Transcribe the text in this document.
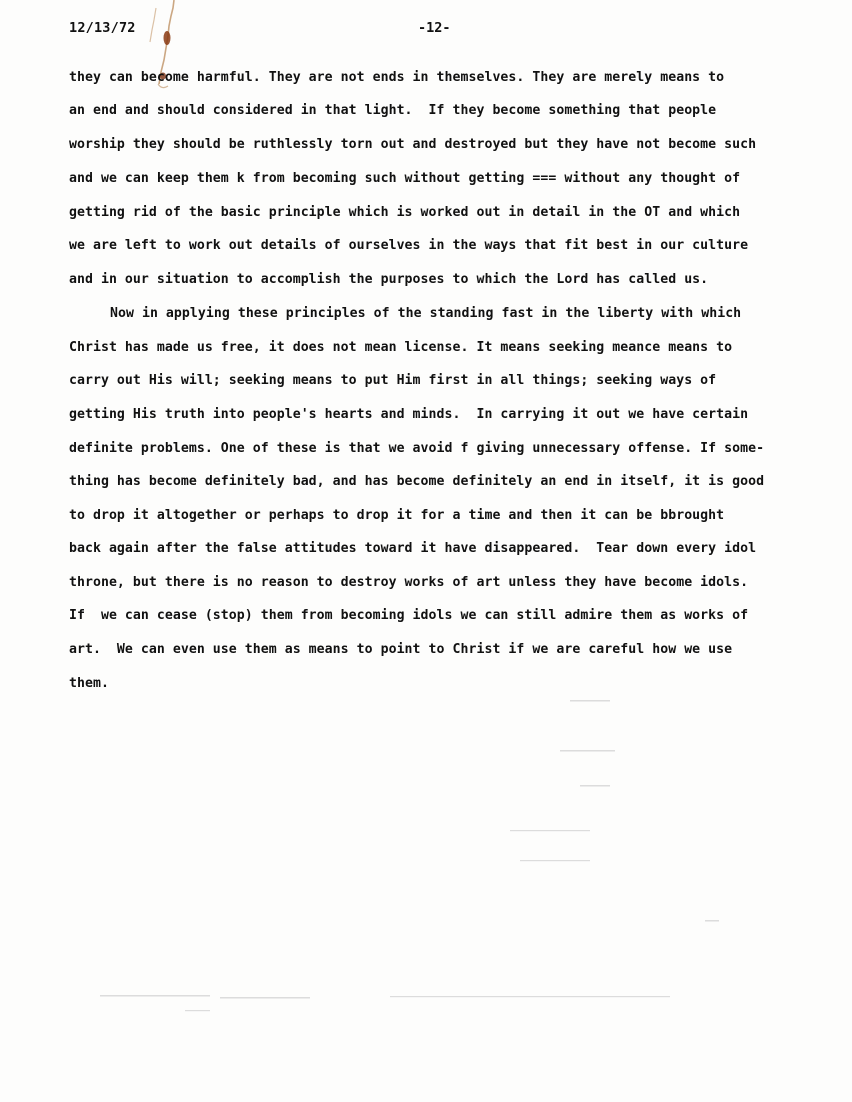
12/13/72	-12-
they can become harmful. They are not ends in themselves. They are merely means to
an end and should considered in that light.  If they become something that people
worship they should be ruthlessly torn out and destroyed but they have not become such
and we can keep them k from becoming such without getting === without any thought of
getting rid of the basic principle which is worked out in detail in the OT and which
we are left to work out details of ourselves in the ways that fit best in our culture
and in our situation to accomplish the purposes to which the Lord has called us.
Now in applying these principles of the standing fast in the liberty with which
Christ has made us free, it does not mean license. It means seeking meance means to
carry out His will; seeking means to put Him first in all things; seeking ways of
getting His truth into people's hearts and minds.  In carrying it out we have certain
definite problems. One of these is that we avoid f giving unnecessary offense. If some-
thing has become definitely bad, and has become definitely an end in itself, it is good
to drop it altogether or perhaps to drop it for a time and then it can be bbrought
back again after the false attitudes toward it have disappeared.  Tear down every idol
throne, but there is no reason to destroy works of art unless they have become idols.
If  we can cease (stop) them from becoming idols we can still admire them as works of
art.  We can even use them as means to point to Christ if we are careful how we use
them.
